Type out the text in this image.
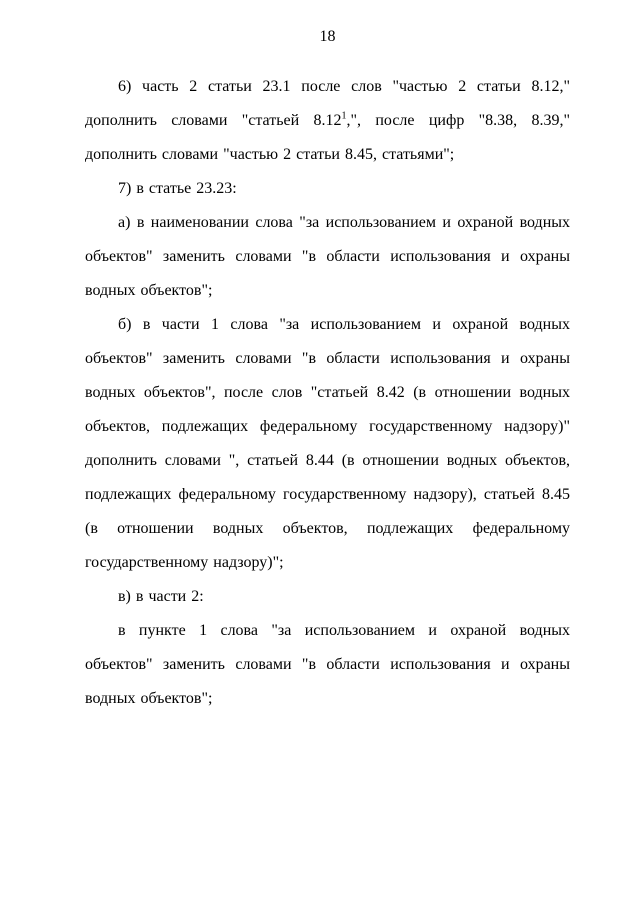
18

6) часть 2 статьи 23.1 после слов "частью 2 статьи 8.12," дополнить словами "статьей 8.12$^1$,", после цифр "8.38, 8.39," дополнить словами "частью 2 статьи 8.45, статьями";

7) в статье 23.23:

а) в наименовании слова "за использованием и охраной водных объектов" заменить словами "в области использования и охраны водных объектов";

б) в части 1 слова "за использованием и охраной водных объектов" заменить словами "в области использования и охраны водных объектов", после слов "статьей 8.42 (в отношении водных объектов, подлежащих федеральному государственному надзору)" дополнить словами ", статьей 8.44 (в отношении водных объектов, подлежащих федеральному государственному надзору), статьей 8.45 (в отношении водных объектов, подлежащих федеральному государственному надзору)";

в) в части 2:

в пункте 1 слова "за использованием и охраной водных объектов" заменить словами "в области использования и охраны водных объектов";
